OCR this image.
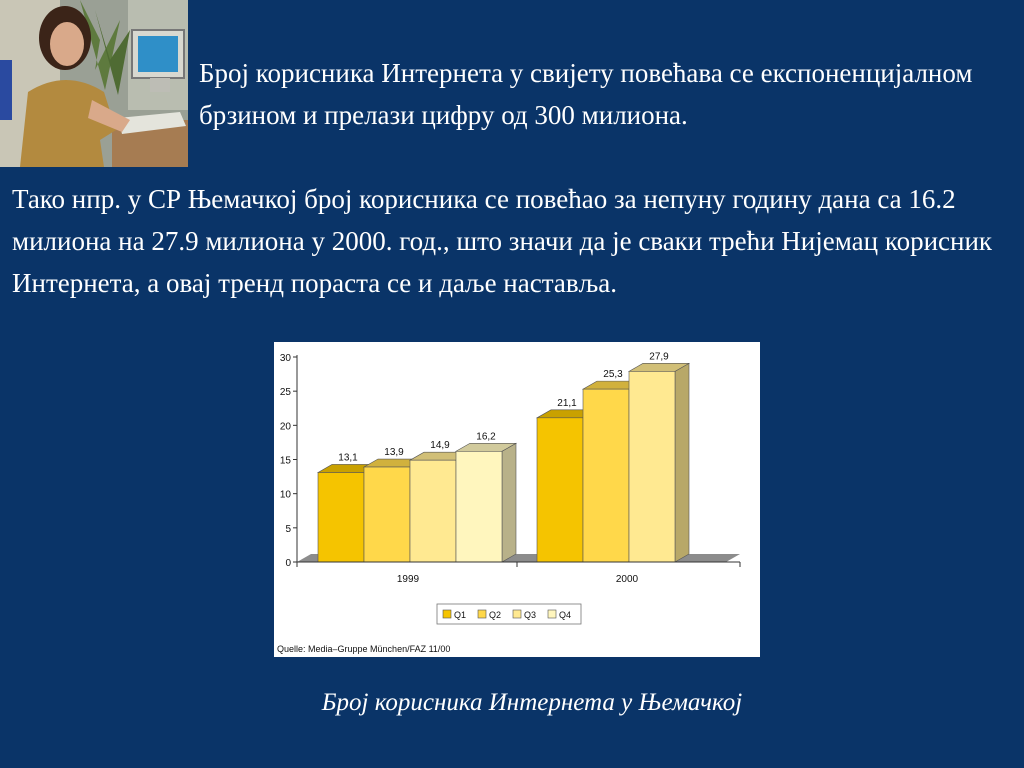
Број корисника Интернета у свијету повећава се експоненцијалном брзином и прелази цифру од 300 милиона.

Тако нпр. у СР Њемачкој број корисника се повећао за непуну годину дана са 16.2 милиона на 27.9 милиона у 2000. год., што значи да је сваки трећи Нијемац корисник Интернета, а овај тренд пораста се и даље наставља.

0
5
10
15
20
25
30
13,1	13,9
14,9
16,2
21,1
25,3
27,9
1999	2000
Q1	Q2	Q3	Q4
Quelle: Media–Gruppe München/FAZ 11/00

Број корисника Интернета у Њемачкој
